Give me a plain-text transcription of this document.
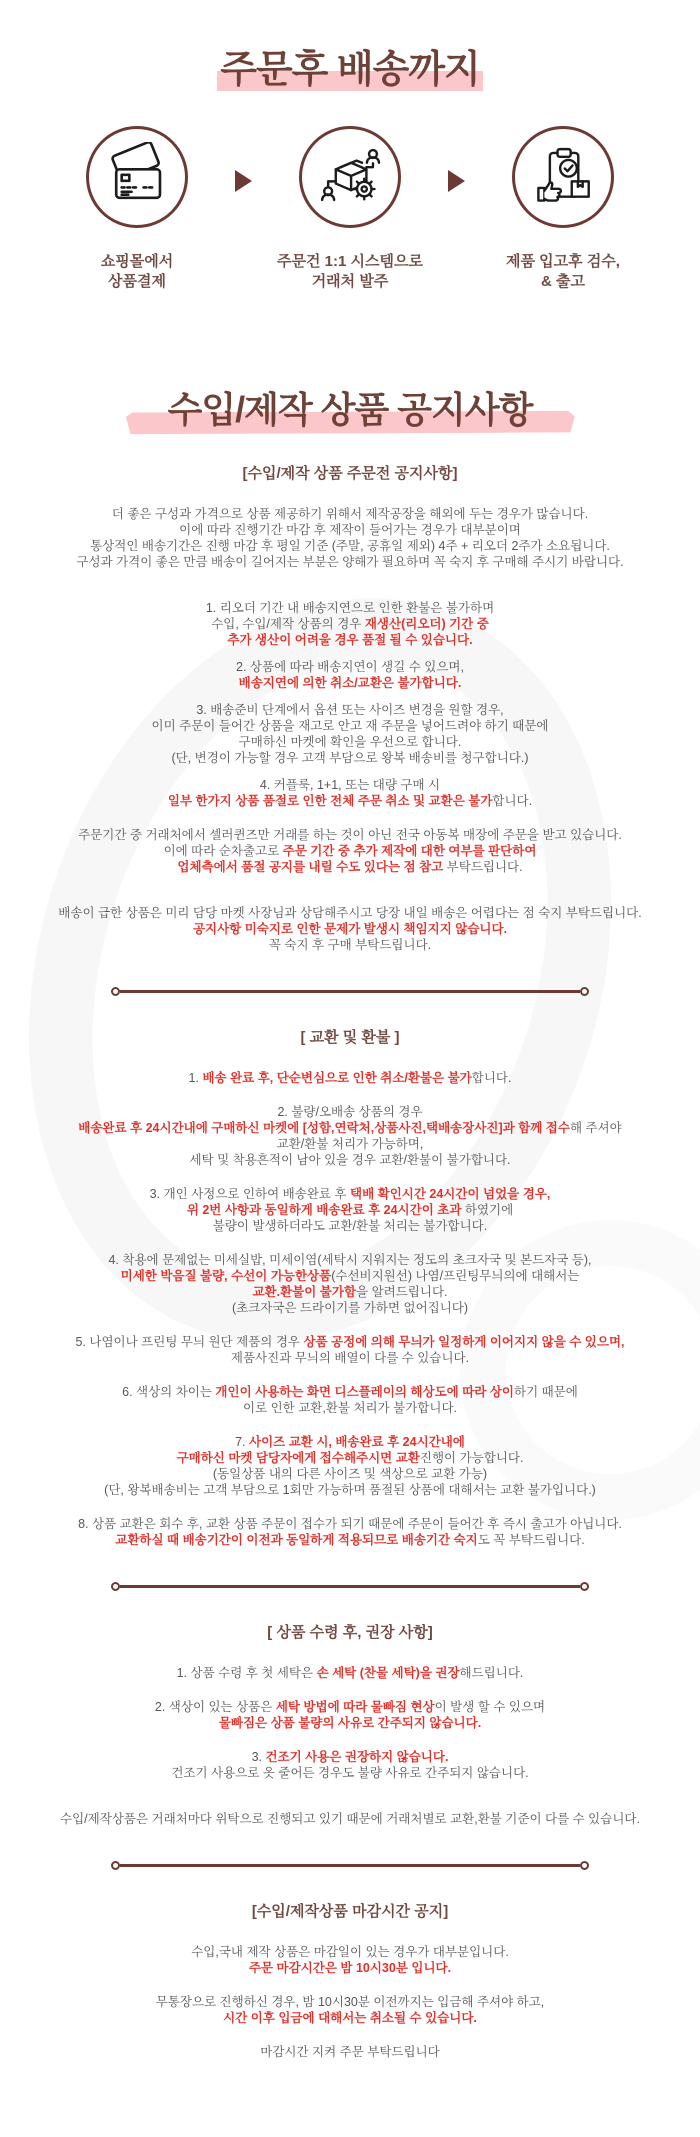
주문후 배송까지
쇼핑몰에서
상품결제
주문건 1:1 시스템으로
거래처 발주
제품 입고후 검수,
& 출고
수입/제작 상품 공지사항
[수입/제작 상품 주문전 공지사항]

더 좋은 구성과 가격으로 상품 제공하기 위해서 제작공장을 해외에 두는 경우가 많습니다.
이에 따라 진행기간 마감 후 제작이 들어가는 경우가 대부분이며
통상적인 배송기간은 진행 마감 후 평일 기준 (주말, 공휴일 제외) 4주 + 리오더 2주가 소요됩니다.
구성과 가격이 좋은 만큼 배송이 길어지는 부분은 양해가 필요하며 꼭 숙지 후 구매해 주시기 바랍니다.

1. 리오더 기간 내 배송지연으로 인한 환불은 불가하며
수입, 수입/제작 상품의 경우 재생산(리오더) 기간 중
추가 생산이 어려울 경우 품절 될 수 있습니다.

2. 상품에 따라 배송지연이 생길 수 있으며,
배송지연에 의한 취소/교환은 불가합니다.

3. 배송준비 단계에서 옵션 또는 사이즈 변경을 원할 경우,
이미 주문이 들어간 상품을 재고로 안고 재 주문을 넣어드려야 하기 때문에
구매하신 마켓에 확인을 우선으로 합니다.
(단, 변경이 가능할 경우 고객 부담으로 왕복 배송비를 청구합니다.)

4. 커플룩, 1+1, 또는 대량 구매 시
일부 한가지 상품 품절로 인한 전체 주문 취소 및 교환은 불가합니다.

주문기간 중 거래처에서 셀러퀸즈만 거래를 하는 것이 아닌 전국 아동복 매장에 주문을 받고 있습니다.
이에 따라 순차출고로 주문 기간 중 추가 제작에 대한 여부를 판단하여
업체측에서 품절 공지를 내릴 수도 있다는 점 참고 부탁드립니다.

배송이 급한 상품은 미리 담당 마켓 사장님과 상담해주시고 당장 내일 배송은 어렵다는 점 숙지 부탁드립니다.
공지사항 미숙지로 인한 문제가 발생시 책임지지 않습니다.
꼭 숙지 후 구매 부탁드립니다.

[ 교환 및 환불 ]

1. 배송 완료 후, 단순변심으로 인한 취소/환불은 불가합니다.

2. 불량/오배송 상품의 경우
배송완료 후 24시간내에 구매하신 마켓에 [성함,연락처,상품사진,택배송장사진]과 함께 접수해 주셔야
교환/환불 처리가 가능하며,
세탁 및 착용흔적이 남아 있을 경우 교환/환불이 불가합니다.

3. 개인 사정으로 인하여 배송완료 후 택배 확인시간 24시간이 넘었을 경우,
위 2번 사항과 동일하게 배송완료 후 24시간이 초과 하였기에
불량이 발생하더라도 교환/환불 처리는 불가합니다.

4. 착용에 문제없는 미세실밥, 미세이염(세탁시 지워지는 정도의 초크자국 및 본드자국 등),
미세한 박음질 불량, 수선이 가능한상품(수선비지원선) 나염/프린팅무늬의에 대해서는
교환.환불이 불가함을 알려드립니다.
(초크자국은 드라이기를 가하면 없어집니다)

5. 나염이나 프린팅 무늬 원단 제품의 경우 상품 공정에 의해 무늬가 일정하게 이어지지 않을 수 있으며,
제품사진과 무늬의 배열이 다를 수 있습니다.

6. 색상의 차이는 개인이 사용하는 화면 디스플레이의 해상도에 따라 상이하기 때문에
이로 인한 교환,환불 처리가 불가합니다.

7. 사이즈 교환 시, 배송완료 후 24시간내에
구매하신 마켓 담당자에게 접수해주시면 교환진행이 가능합니다.
(동일상품 내의 다른 사이즈 및 색상으로 교환 가능)
(단, 왕복배송비는 고객 부담으로 1회만 가능하며 품절된 상품에 대해서는 교환 불가입니다.)

8. 상품 교환은 회수 후, 교환 상품 주문이 접수가 되기 때문에 주문이 들어간 후 즉시 출고가 아닙니다.
교환하실 때 배송기간이 이전과 동일하게 적용되므로 배송기간 숙지도 꼭 부탁드립니다.

[ 상품 수령 후, 권장 사항]

1. 상품 수령 후 첫 세탁은 손 세탁 (찬물 세탁)을 권장해드립니다.

2. 색상이 있는 상품은 세탁 방법에 따라 물빠짐 현상이 발생 할 수 있으며
물빠짐은 상품 불량의 사유로 간주되지 않습니다.

3. 건조기 사용은 권장하지 않습니다.
건조기 사용으로 옷 줄어든 경우도 불량 사유로 간주되지 않습니다.

수입/제작상품은 거래처마다 위탁으로 진행되고 있기 때문에 거래처별로 교환,환불 기준이 다를 수 있습니다.

[수입/제작상품 마감시간 공지]

수입,국내 제작 상품은 마감일이 있는 경우가 대부분입니다.
주문 마감시간은 밤 10시30분 입니다.

무통장으로 진행하신 경우, 밤 10시30분 이전까지는 입금해 주셔야 하고,
시간 이후 입금에 대해서는 취소될 수 있습니다.

마감시간 지켜 주문 부탁드립니다
